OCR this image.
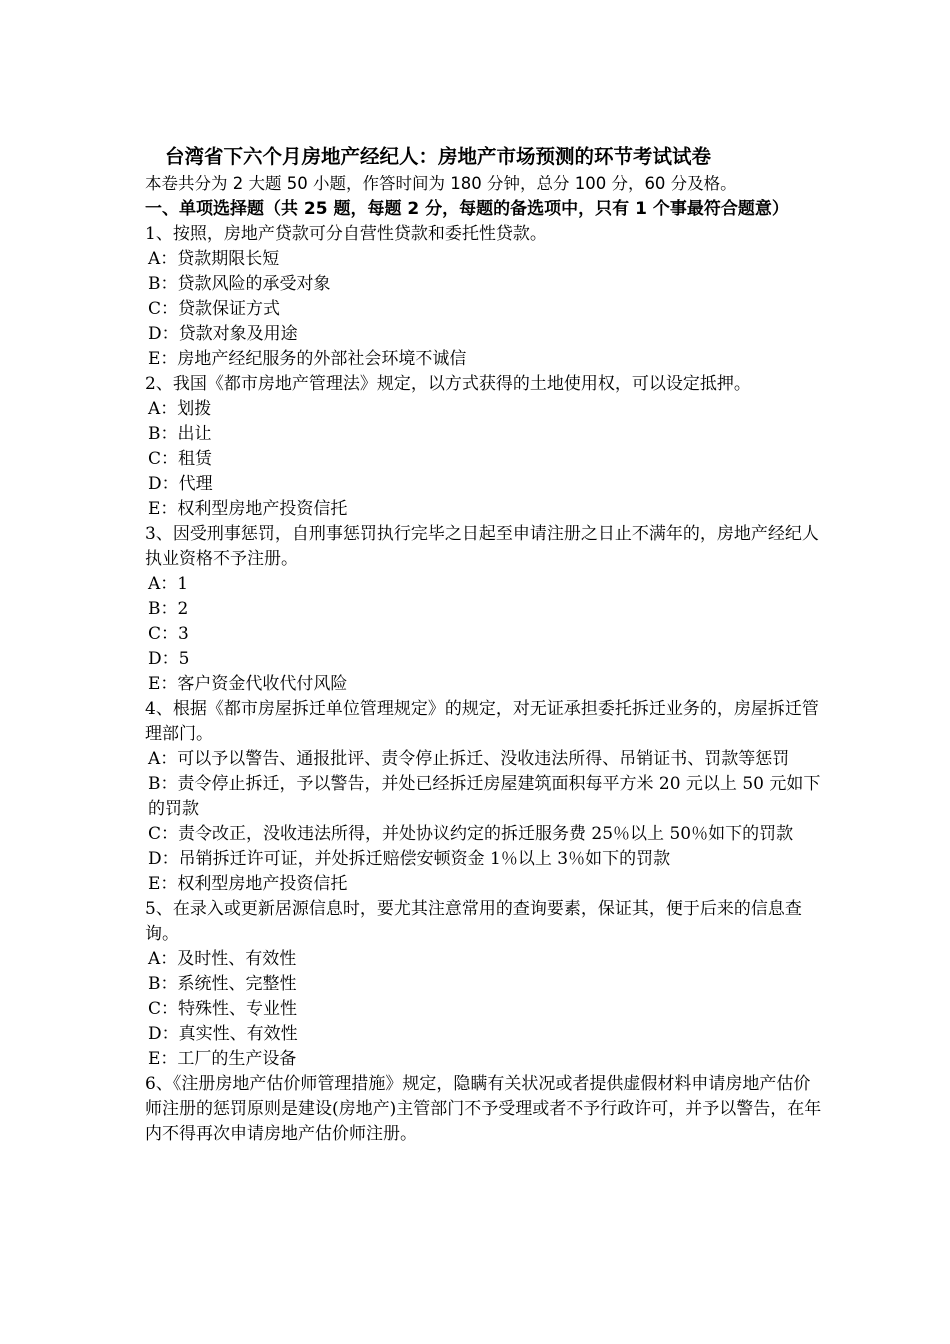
台湾省下六个月房地产经纪人：房地产市场预测的环节考试试卷
本卷共分为 2 大题 50 小题，作答时间为 180 分钟，总分 100 分，60 分及格。
一、单项选择题（共 25 题，每题 2 分，每题的备选项中，只有 1 个事最符合题意）
1、按照，房地产贷款可分自营性贷款和委托性贷款。
A：贷款期限长短
B：贷款风险的承受对象
C：贷款保证方式
D：贷款对象及用途
E：房地产经纪服务的外部社会环境不诚信
2、我国《都市房地产管理法》规定，以方式获得的土地使用权，可以设定抵押。
A：划拨
B：出让
C：租赁
D：代理
E：权利型房地产投资信托
3、因受刑事惩罚，自刑事惩罚执行完毕之日起至申请注册之日止不满年的，房地产经纪人执业资格不予注册。
A：1
B：2
C：3
D：5
E：客户资金代收代付风险
4、根据《都市房屋拆迁单位管理规定》的规定，对无证承担委托拆迁业务的，房屋拆迁管理部门。
A：可以予以警告、通报批评、责令停止拆迁、没收违法所得、吊销证书、罚款等惩罚
B：责令停止拆迁，予以警告，并处已经拆迁房屋建筑面积每平方米 20 元以上 50 元如下的罚款
C：责令改正，没收违法所得，并处协议约定的拆迁服务费 25％以上 50％如下的罚款
D：吊销拆迁许可证，并处拆迁赔偿安顿资金 1％以上 3％如下的罚款
E：权利型房地产投资信托
5、在录入或更新居源信息时，要尤其注意常用的查询要素，保证其，便于后来的信息查询。
A：及时性、有效性
B：系统性、完整性
C：特殊性、专业性
D：真实性、有效性
E：工厂的生产设备
6、《注册房地产估价师管理措施》规定，隐瞒有关状况或者提供虚假材料申请房地产估价师注册的惩罚原则是建设(房地产)主管部门不予受理或者不予行政许可，并予以警告，在年内不得再次申请房地产估价师注册。
